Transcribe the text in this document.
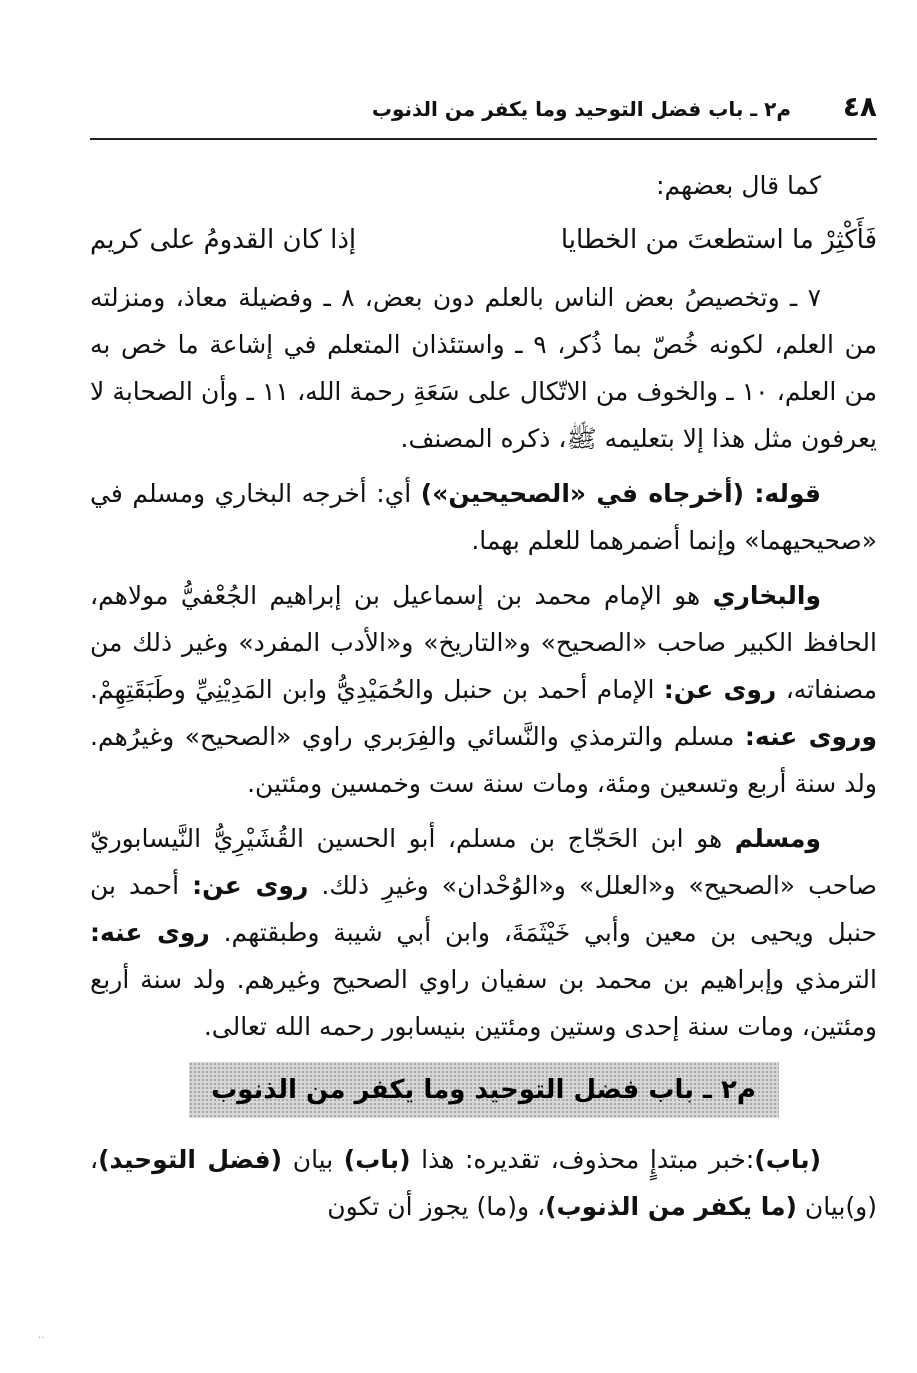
٤٨
م٢ ـ باب فضل التوحيد وما يكفر من الذنوب

كما قال بعضهم:

فَأَكْثِرْ ما استطعتَ من الخطايا
إذا كان القدومُ على كريم

٧ ـ وتخصيصُ بعض الناس بالعلم دون بعض، ٨ ـ وفضيلة معاذ، ومنزلته من العلم، لكونه خُصّ بما ذُكر، ٩ ـ واستئذان المتعلم في إشاعة ما خص به من العلم، ١٠ ـ والخوف من الاتّكال على سَعَةِ رحمة الله، ١١ ـ وأن الصحابة لا يعرفون مثل هذا إلا بتعليمه ﷺ، ذكره المصنف.

قوله: (أخرجاه في «الصحيحين») أي: أخرجه البخاري ومسلم في «صحيحيهما» وإنما أضمرهما للعلم بهما.

والبخاري هو الإمام محمد بن إسماعيل بن إبراهيم الجُعْفيُّ مولاهم، الحافظ الكبير صاحب «الصحيح» و«التاريخ» و«الأدب المفرد» وغير ذلك من مصنفاته، روى عن: الإمام أحمد بن حنبل والحُمَيْدِيُّ وابن المَدِيْنِيِّ وطَبَقَتِهِمْ. وروى عنه: مسلم والترمذي والنَّسائي والفِرَبري راوي «الصحيح» وغيرُهم. ولد سنة أربع وتسعين ومئة، ومات سنة ست وخمسين ومئتين.

ومسلم هو ابن الحَجّاج بن مسلم، أبو الحسين القُشَيْرِيُّ النَّيسابوريّ صاحب «الصحيح» و«العلل» و«الوُحْدان» وغيرِ ذلك. روى عن: أحمد بن حنبل ويحيى بن معين وأبي خَيْثَمَةَ، وابن أبي شيبة وطبقتهم. روى عنه: الترمذي وإبراهيم بن محمد بن سفيان راوي الصحيح وغيرهم. ولد سنة أربع ومئتين، ومات سنة إحدى وستين ومئتين بنيسابور رحمه الله تعالى.

م٢ ـ باب فضل التوحيد وما يكفر من الذنوب

(باب):خبر مبتدإٍ محذوف، تقديره: هذا (باب) بيان (فضل التوحيد)، (و)بيان (ما يكفر من الذنوب)، و(ما) يجوز أن تكون

..
